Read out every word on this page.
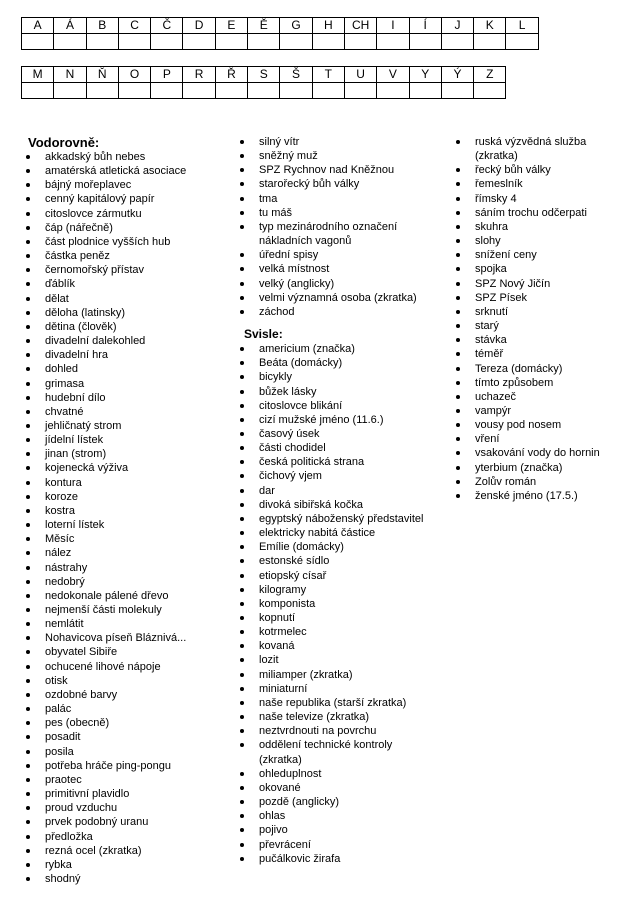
A	Á	B	C	Č	D	E	Ě	G	H	CH	I	Í	J	K	L

M	N	Ň	O	P	R	Ř	S	Š	T	U	V	Y	Ý	Z

Vodorovně:
akkadský bůh nebes
amatérská atletická asociace
bájný mořeplavec
cenný kapitálový papír
citoslovce zármutku
čáp (nářečně)
část plodnice vyšších hub
částka peněz
černomořský přístav
ďáblík
dělat
děloha (latinsky)
dětina (člověk)
divadelní dalekohled
divadelní hra
dohled
grimasa
hudební dílo
chvatné
jehličnatý strom
jídelní lístek
jinan (strom)
kojenecká výživa
kontura
koroze
kostra
loterní lístek
Měsíc
nález
nástrahy
nedobrý
nedokonale pálené dřevo
nejmenší části molekuly
nemlátit
Nohavicova píseň Bláznivá...
obyvatel Sibiře
ochucené lihové nápoje
otisk
ozdobné barvy
palác
pes (obecně)
posadit
posila
potřeba hráče ping-pongu
praotec
primitivní plavidlo
proud vzduchu
prvek podobný uranu
předložka
rezná ocel (zkratka)
rybka
shodný
silný vítr
sněžný muž
SPZ Rychnov nad Kněžnou
starořecký bůh války
tma
tu máš
typ mezinárodního označení nákladních vagonů
úřední spisy
velká místnost
velký (anglicky)
velmi významná osoba (zkratka)
záchod
Svisle:
americium (značka)
Beáta (domácky)
bicykly
bůžek lásky
citoslovce blikání
cizí mužské jméno (11.6.)
časový úsek
části chodidel
česká politická strana
čichový vjem
dar
divoká sibiřská kočka
egyptský náboženský představitel
elektricky nabitá částice
Emílie (domácky)
estonské sídlo
etiopský císař
kilogramy
komponista
kopnutí
kotrmelec
kovaná
lozit
miliamper (zkratka)
miniaturní
naše republika (starší zkratka)
naše televize (zkratka)
neztvrdnouti na povrchu
oddělení technické kontroly (zkratka)
ohleduplnost
okované
pozdě (anglicky)
ohlas
pojivo
převrácení
pučálkovic žirafa
ruská výzvědná služba (zkratka)
řecký bůh války
řemeslník
římsky 4
sáním trochu odčerpati
skuhra
slohy
snížení ceny
spojka
SPZ Nový Jičín
SPZ Písek
srknutí
starý
stávka
téměř
Tereza (domácky)
tímto způsobem
uchazeč
vampýr
vousy pod nosem
vření
vsakování vody do hornin
yterbium (značka)
Zolův román
ženské jméno (17.5.)
